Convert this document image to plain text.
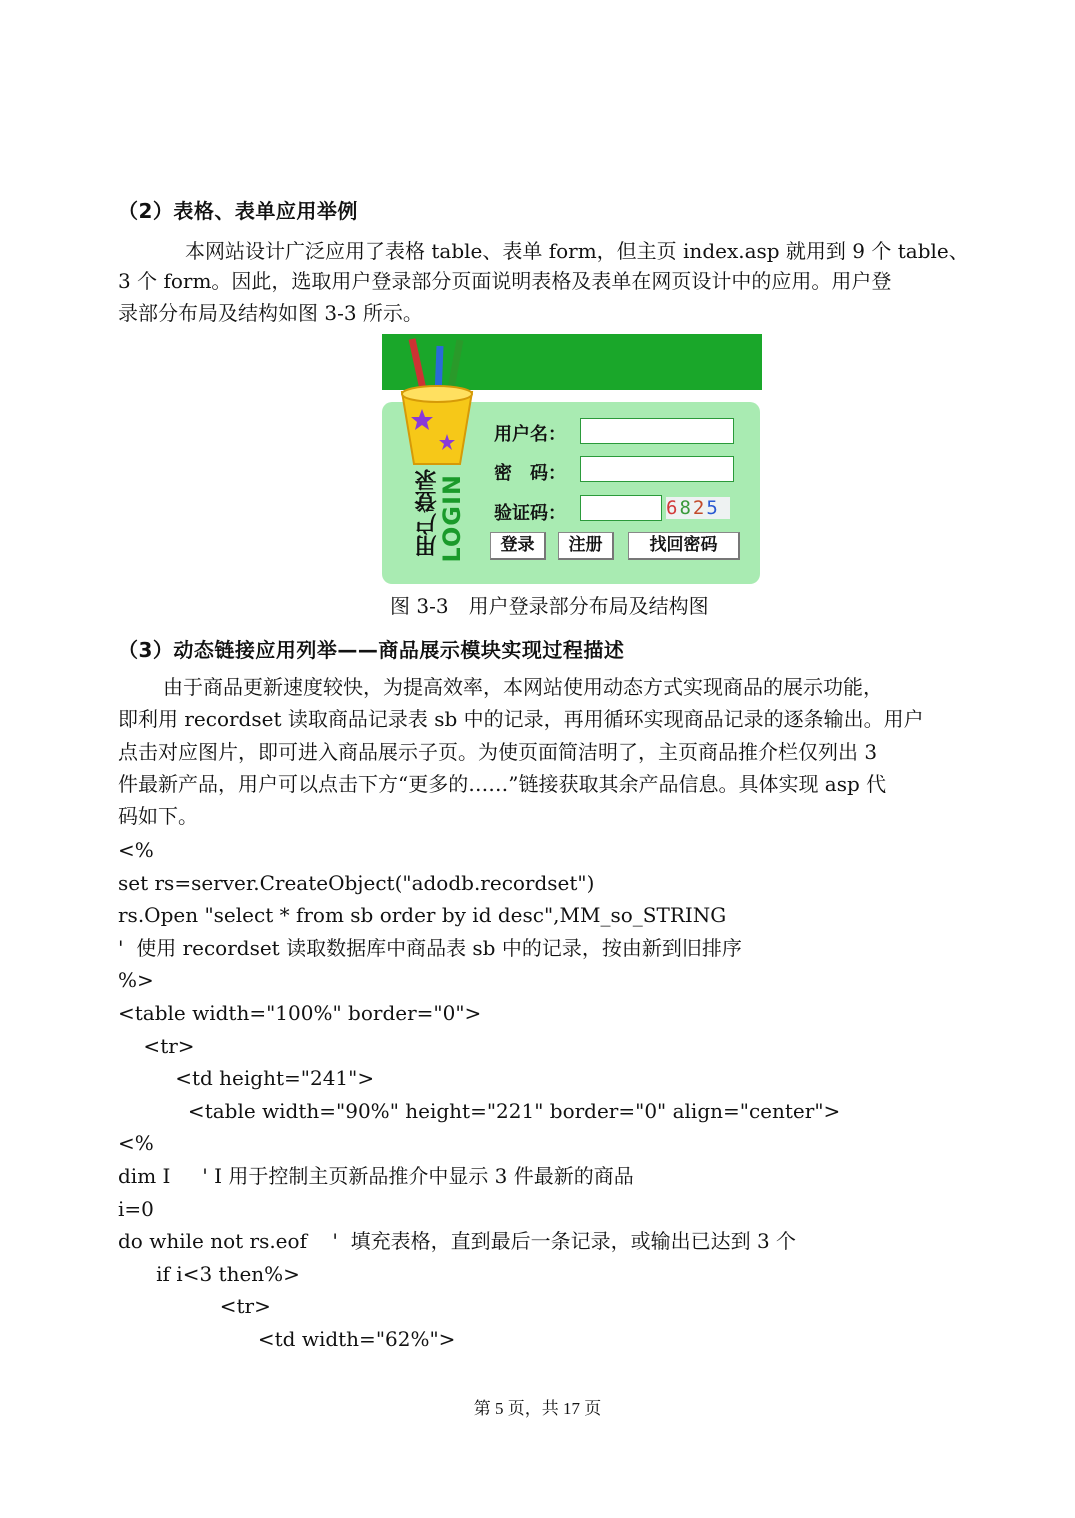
（2）表格、表单应用举例
本网站设计广泛应用了表格 table、表单 form，但主页 index.asp 就用到 9 个 table、
3 个 form。因此，选取用户登录部分页面说明表格及表单在网页设计中的应用。用户登
录部分布局及结构如图 3-3 所示。
用户登录
LOGIN
用户名：
密　码：
验证码：	6825
登录	注册	找回密码
图 3-3　用户登录部分布局及结构图
（3）动态链接应用列举——商品展示模块实现过程描述
由于商品更新速度较快，为提高效率，本网站使用动态方式实现商品的展示功能，
即利用 recordset 读取商品记录表 sb 中的记录，再用循环实现商品记录的逐条输出。用户
点击对应图片，即可进入商品展示子页。为使页面简洁明了，主页商品推介栏仅列出 3
件最新产品，用户可以点击下方“更多的……”链接获取其余产品信息。具体实现 asp 代
码如下。
<%
set rs=server.CreateObject("adodb.recordset")
rs.Open "select * from sb order by id desc",MM_so_STRING
'  使用 recordset 读取数据库中商品表 sb 中的记录，按由新到旧排序
%>
<table width="100%" border="0">
<tr>
<td height="241">
<table width="90%" height="221" border="0" align="center">
<%
dim I     ' I 用于控制主页新品推介中显示 3 件最新的商品
i=0
do while not rs.eof    '  填充表格，直到最后一条记录，或输出已达到 3 个
if i<3 then%>
<tr>
<td width="62%">
第 5 页，共 17 页
